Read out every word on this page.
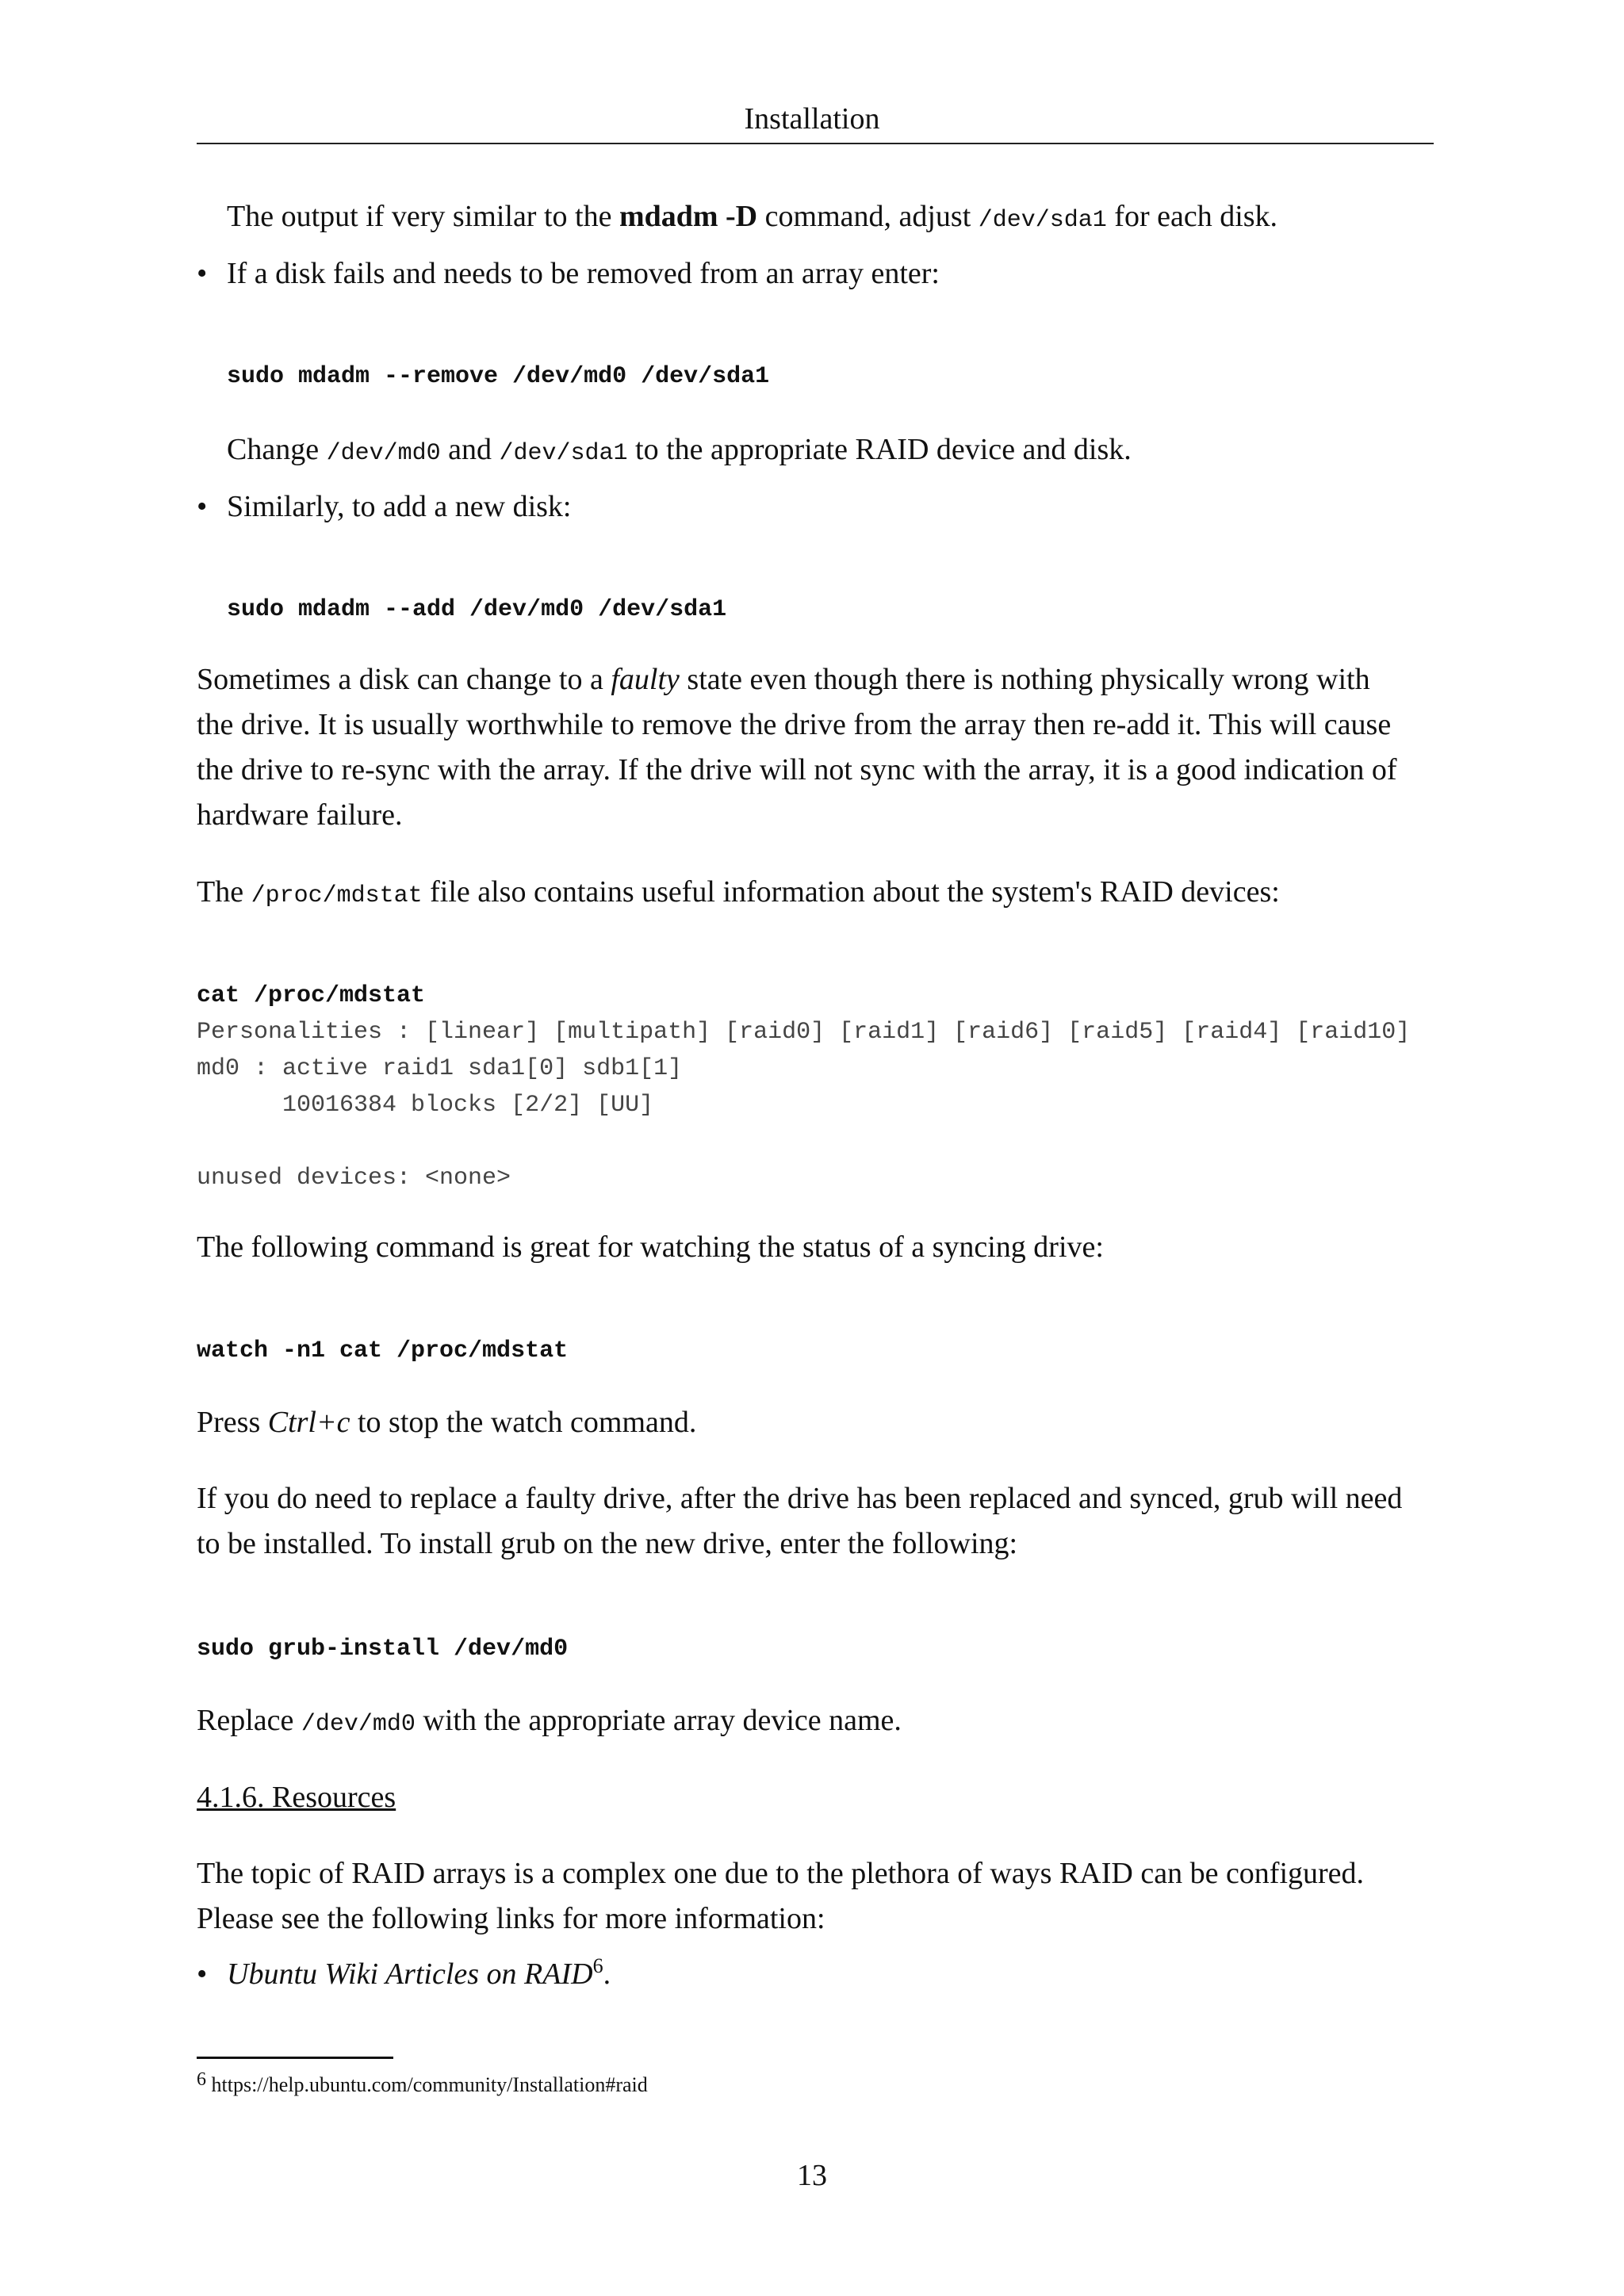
Installation

The output if very similar to the mdadm -D command, adjust /dev/sda1 for each disk.

• If a disk fails and needs to be removed from an array enter:

sudo mdadm --remove /dev/md0 /dev/sda1

Change /dev/md0 and /dev/sda1 to the appropriate RAID device and disk.

• Similarly, to add a new disk:

sudo mdadm --add /dev/md0 /dev/sda1
Sometimes a disk can change to a faulty state even though there is nothing physically wrong with
the drive. It is usually worthwhile to remove the drive from the array then re-add it. This will cause
the drive to re-sync with the array. If the drive will not sync with the array, it is a good indication of
hardware failure.

The /proc/mdstat file also contains useful information about the system's RAID devices:

cat /proc/mdstat
Personalities : [linear] [multipath] [raid0] [raid1] [raid6] [raid5] [raid4] [raid10]
md0 : active raid1 sda1[0] sdb1[1]
10016384 blocks [2/2] [UU]
unused devices: <none>

The following command is great for watching the status of a syncing drive:

watch -n1 cat /proc/mdstat

Press Ctrl+c to stop the watch command.

If you do need to replace a faulty drive, after the drive has been replaced and synced, grub will need
to be installed. To install grub on the new drive, enter the following:
sudo grub-install /dev/md0

Replace /dev/md0 with the appropriate array device name.

4.1.6. Resources

The topic of RAID arrays is a complex one due to the plethora of ways RAID can be configured.
Please see the following links for more information:
• Ubuntu Wiki Articles on RAID$^6$.

$^6$ https://help.ubuntu.com/community/Installation#raid
13
